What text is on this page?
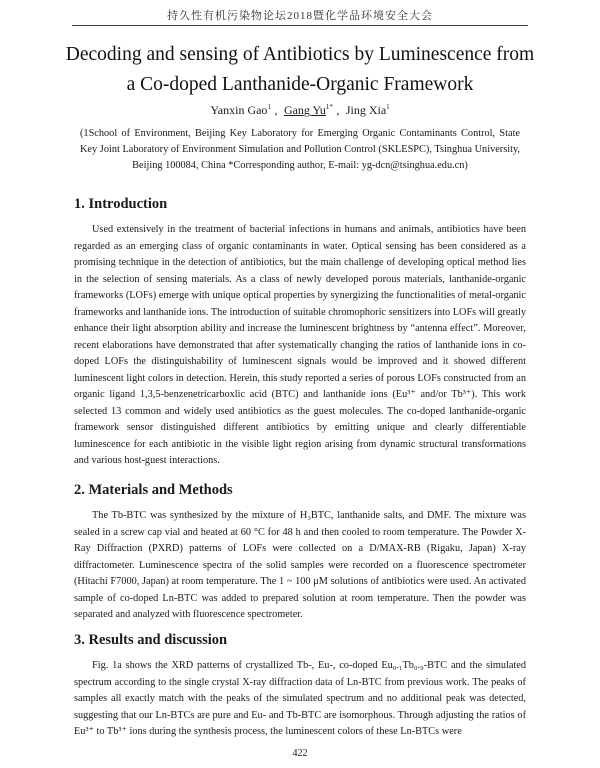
持久性有机污染物论坛2018暨化学品环境安全大会
Decoding and sensing of Antibiotics by Luminescence from a Co-doped Lanthanide-Organic Framework
Yanxin Gao$^1$ , Gang $Yu^{1*}$ , Jing Xia$^1$
(1School of Environment, Beijing Key Laboratory for Emerging Organic Contaminants Control, State Key Joint Laboratory of Environment Simulation and Pollution Control (SKLESPC), Tsinghua University, Beijing 100084, China *Corresponding author, E-mail: yg-dcn@tsinghua.edu.cn)
1. Introduction

Used extensively in the treatment of bacterial infections in humans and animals, antibiotics have been regarded as an emerging class of organic contaminants in water. Optical sensing has been considered as a promising technique in the detection of antibiotics, but the main challenge of developing optical method lies in the selection of sensing materials. As a class of newly developed porous materials, lanthanide-organic frameworks (LOFs) emerge with unique optical properties by synergizing the functionalities of metal-organic frameworks and lanthanide ions. The introduction of suitable chromophoric sensitizers into LOFs will greatly enhance their light absorption ability and increase the luminescent brightness by “antenna effect”. Moreover, recent elaborations have demonstrated that after systematically changing the ratios of lanthanide ions in co-doped LOFs the distinguishability of luminescent signals would be improved and it showed different luminescent light colors in detection. Herein, this study reported a series of porous LOFs constructed from an organic ligand 1,3,5-benzenetricarboxlic acid (BTC) and lanthanide ions (Eu³⁺ and/or Tb³⁺). This work selected 13 common and widely used antibiotics as the guest molecules. The co-doped lanthanide-organic framework sensor distinguished different antibiotics by emitting unique and clearly differentiable luminescence for each antibiotic in the visible light region arising from dynamic structural transformations and various host-guest interactions.

2. Materials and Methods

The Tb-BTC was synthesized by the mixture of H₃BTC, lanthanide salts, and DMF. The mixture was sealed in a screw cap vial and heated at 60 °C for 48 h and then cooled to room temperature. The Powder X-Ray Diffraction (PXRD) patterns of LOFs were collected on a D/MAX-RB (Rigaku, Japan) X-ray diffractometer. Luminescence spectra of the solid samples were recorded on a fluorescence spectrometer (Hitachi F7000, Japan) at room temperature. The 1 ~ 100 μM solutions of antibiotics were used. An activated sample of co-doped Ln-BTC was added to prepared solution at room temperature. Then the powder was separated and analyzed with fluorescence spectrometer.

3. Results and discussion

Fig. 1a shows the XRD patterns of crystallized Tb-, Eu-, co-doped Eu₀.₁Tb₀.₉-BTC and the simulated spectrum according to the single crystal X-ray diffraction data of Ln-BTC from previous work. The peaks of samples all exactly match with the peaks of the simulated spectrum and no additional peak was detected, suggesting that our Ln-BTCs are pure and Eu- and Tb-BTC are isomorphous. Through adjusting the ratios of Eu³⁺ to Tb³⁺ ions during the synthesis process, the luminescent colors of these Ln-BTCs were

422
